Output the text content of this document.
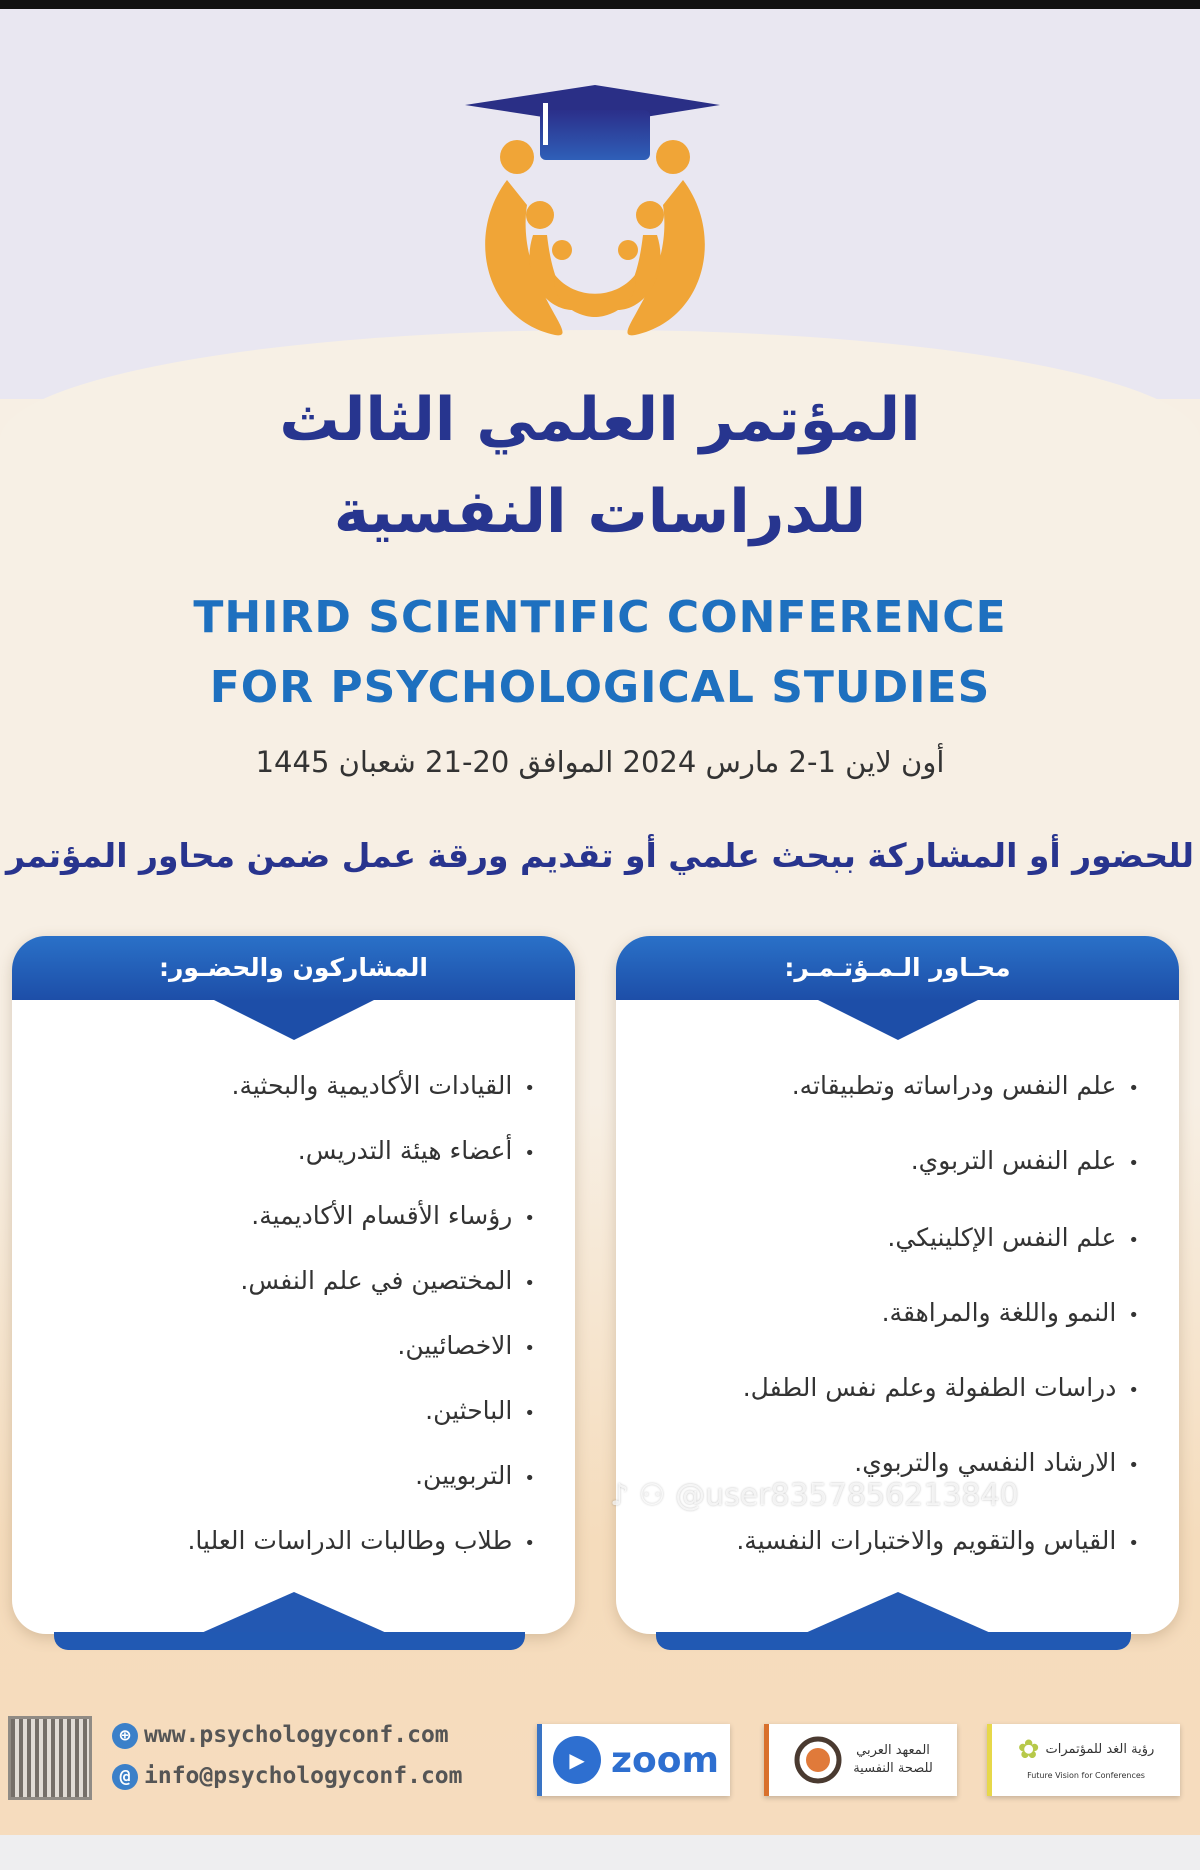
المؤتمر العلمي الثالث
للدراسات النفسية
THIRD SCIENTIFIC CONFERENCE
FOR PSYCHOLOGICAL STUDIES
أون لاين 1-2 مارس 2024 الموافق 20-21 شعبان 1445
للحضور أو المشاركة ببحث علمي أو تقديم ورقة عمل ضمن محاور المؤتمر
المشاركون والحضـور:
• القيادات الأكاديمية والبحثية.
• أعضاء هيئة التدريس.
• رؤساء الأقسام الأكاديمية.
• المختصين في علم النفس.
• الاخصائيين.
• الباحثين.
• التربويين.
• طلاب وطالبات الدراسات العليا.
محـاور الـمـؤتـمـر:
• علم النفس ودراساته وتطبيقاته.
• علم النفس التربوي.
• علم النفس الإكلينيكي.
• النمو واللغة والمراهقة.
• دراسات الطفولة وعلم نفس الطفل.
• الارشاد النفسي والتربوي.
• القياس والتقويم والاختبارات النفسية.
♪ ⚇ @user8357856213840
⊕ www.psychologyconf.com
@ info@psychologyconf.com
▶ zoom	المعهد العربي للصحة النفسية
رؤية الغد للمؤتمرات
✿
Future Vision for Conferences
